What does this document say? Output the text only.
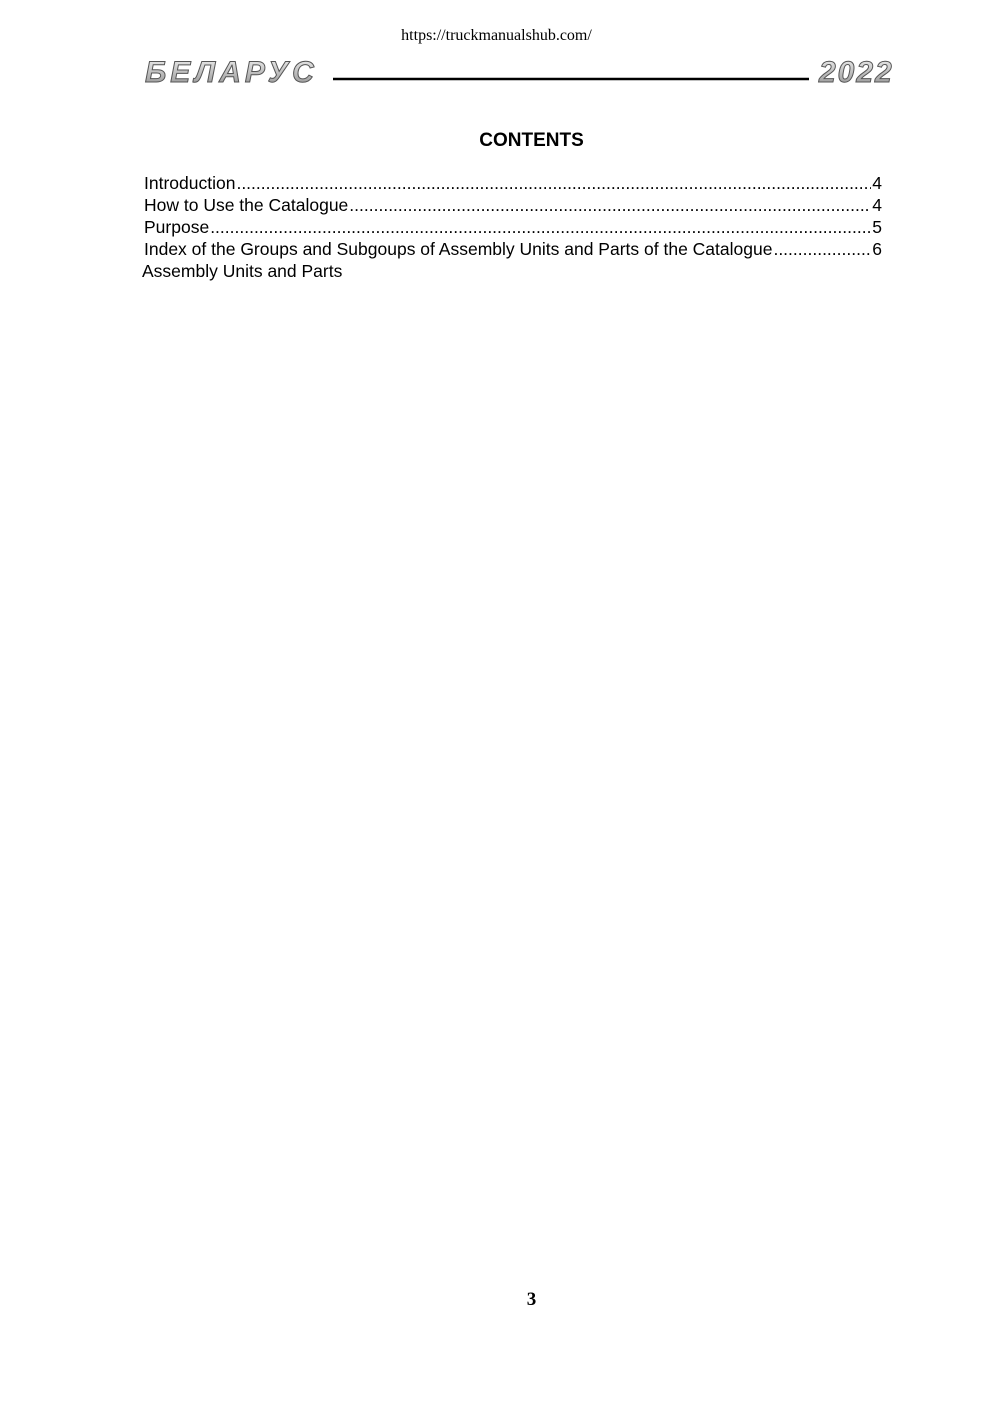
https://truckmanualshub.com/
БЕЛАРУС	2022
CONTENTS
Introduction .....	4
How to Use the Catalogue .....	4
Purpose .....	5
Index of the Groups and Subgoups of Assembly Units and Parts of the Catalogue .....	6
Assembly Units and Parts
3
